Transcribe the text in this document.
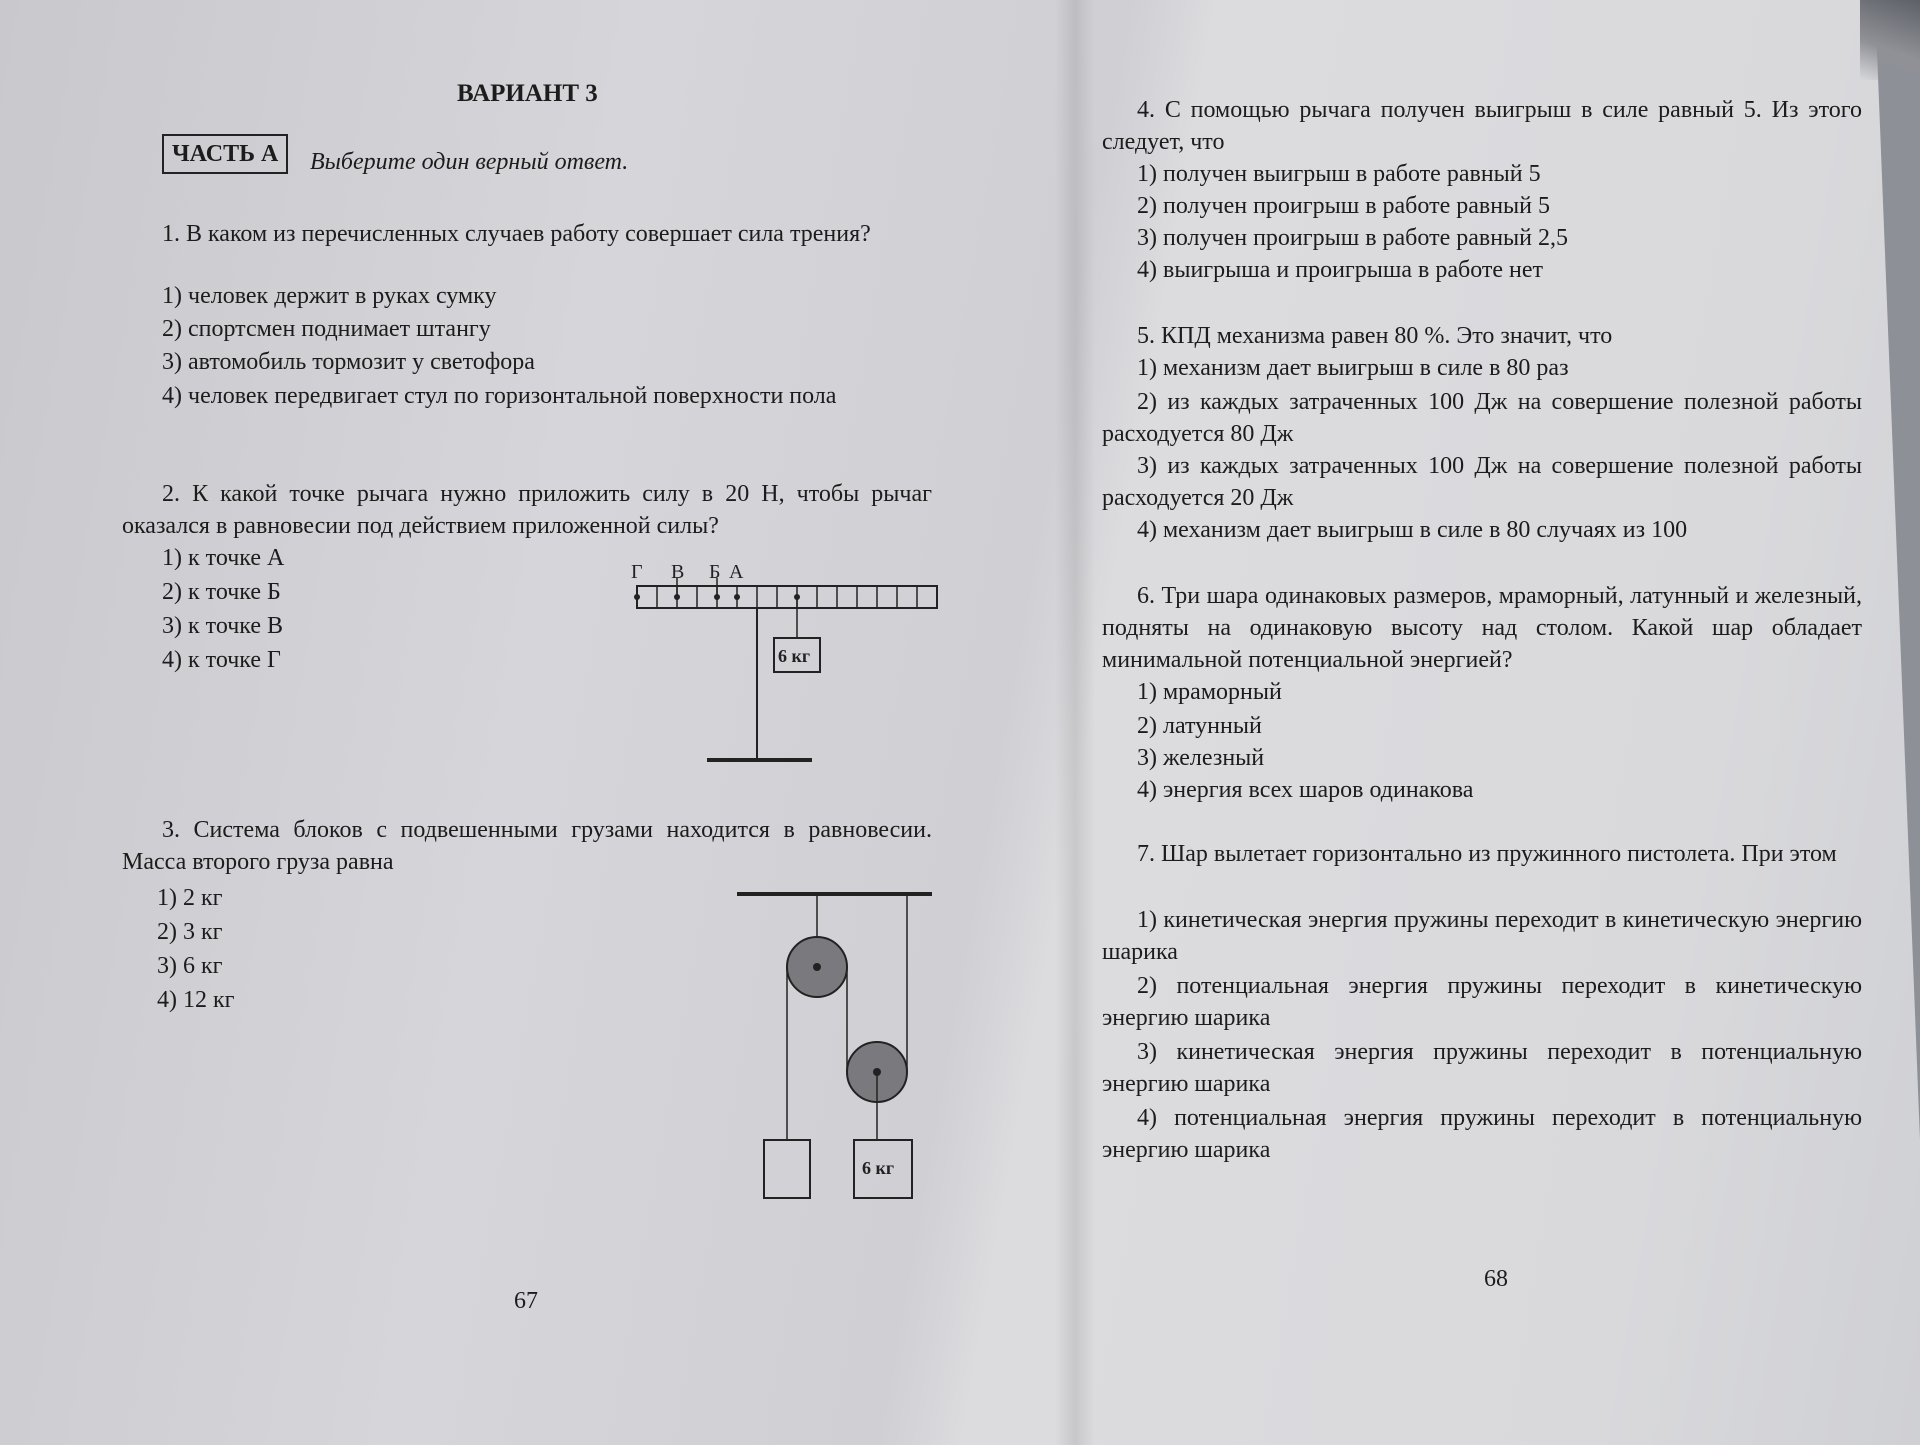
ВАРИАНТ 3
ЧАСТЬ А	Выберите один верный ответ.
1. В каком из перечисленных случаев работу совершает сила трения?
1) человек держит в руках сумку
2) спортсмен поднимает штангу
3) автомобиль тормозит у светофора
4) человек передвигает стул по горизонтальной поверхности пола
2. К какой точке рычага нужно приложить силу в 20 Н, чтобы рычаг оказался в равновесии под действием приложенной силы?
1) к точке А
2) к точке Б
3) к точке В
4) к точке Г
Г В Б А
6 кг
3. Система блоков с подвешенными грузами находится в равновесии. Масса второго груза равна
1) 2 кг
2) 3 кг
3) 6 кг
4) 12 кг
6 кг
67
4. С помощью рычага получен выигрыш в силе равный 5. Из этого следует, что
1) получен выигрыш в работе равный 5
2) получен проигрыш в работе равный 5
3) получен проигрыш в работе равный 2,5
4) выигрыша и проигрыша в работе нет
5. КПД механизма равен 80 %. Это значит, что
1) механизм дает выигрыш в силе в 80 раз
2) из каждых затраченных 100 Дж на совершение полезной работы расходуется 80 Дж
3) из каждых затраченных 100 Дж на совершение полезной работы расходуется 20 Дж
4) механизм дает выигрыш в силе в 80 случаях из 100
6. Три шара одинаковых размеров, мраморный, латунный и железный, подняты на одинаковую высоту над столом. Какой шар обладает минимальной потенциальной энергией?
1) мраморный
2) латунный
3) железный
4) энергия всех шаров одинакова
7. Шар вылетает горизонтально из пружинного пистолета. При этом
1) кинетическая энергия пружины переходит в кинетическую энергию шарика
2) потенциальная энергия пружины переходит в кинетическую энергию шарика
3) кинетическая энергия пружины переходит в потенциальную энергию шарика
4) потенциальная энергия пружины переходит в потенциальную энергию шарика
68
